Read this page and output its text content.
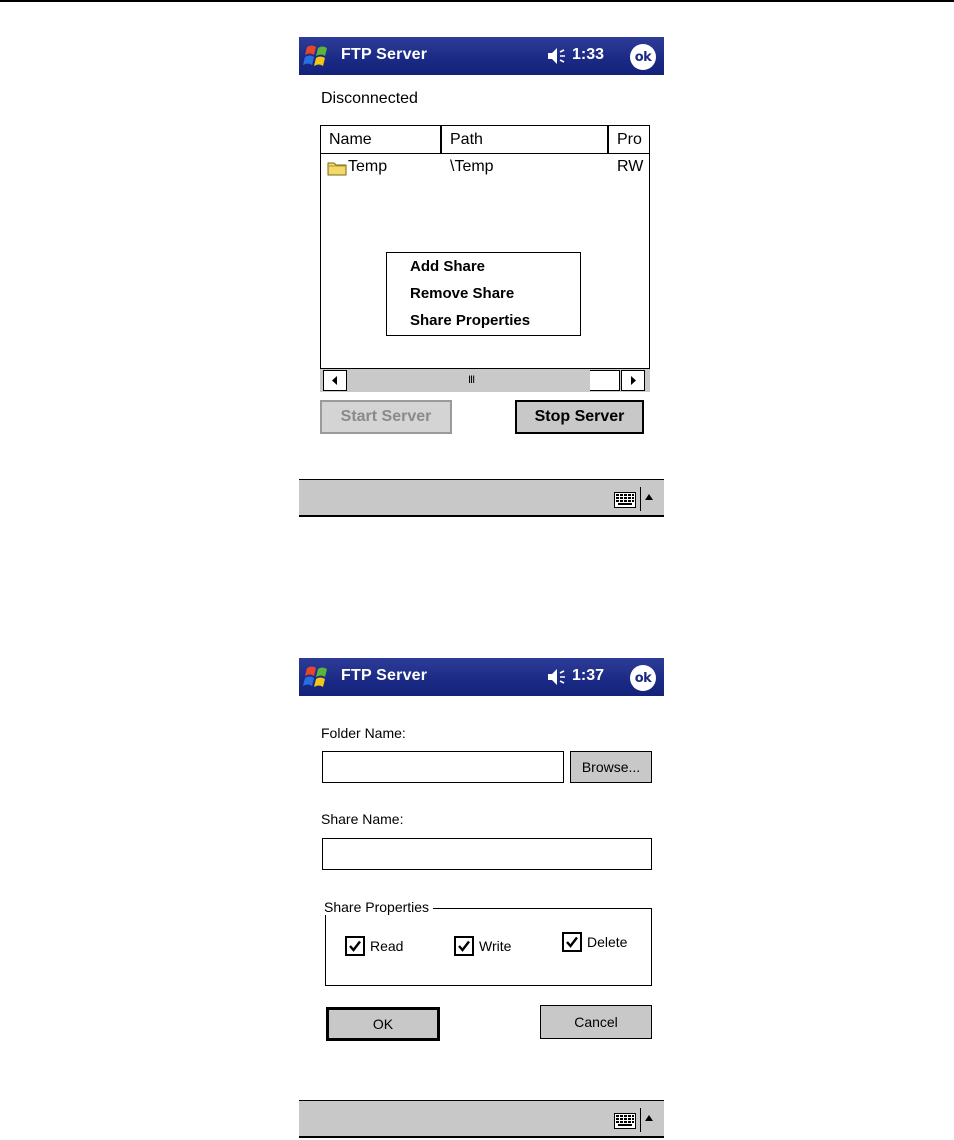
FTP Server	1:33	ok
Disconnected
Name	Path	Pro
Temp	\Temp	RW
Add Share
Remove Share
Share Properties
III
Start Server	Stop Server
FTP Server	1:37	ok
Folder Name:
Browse...
Share Name:
Share Properties
Read	Write	Delete
OK	Cancel
